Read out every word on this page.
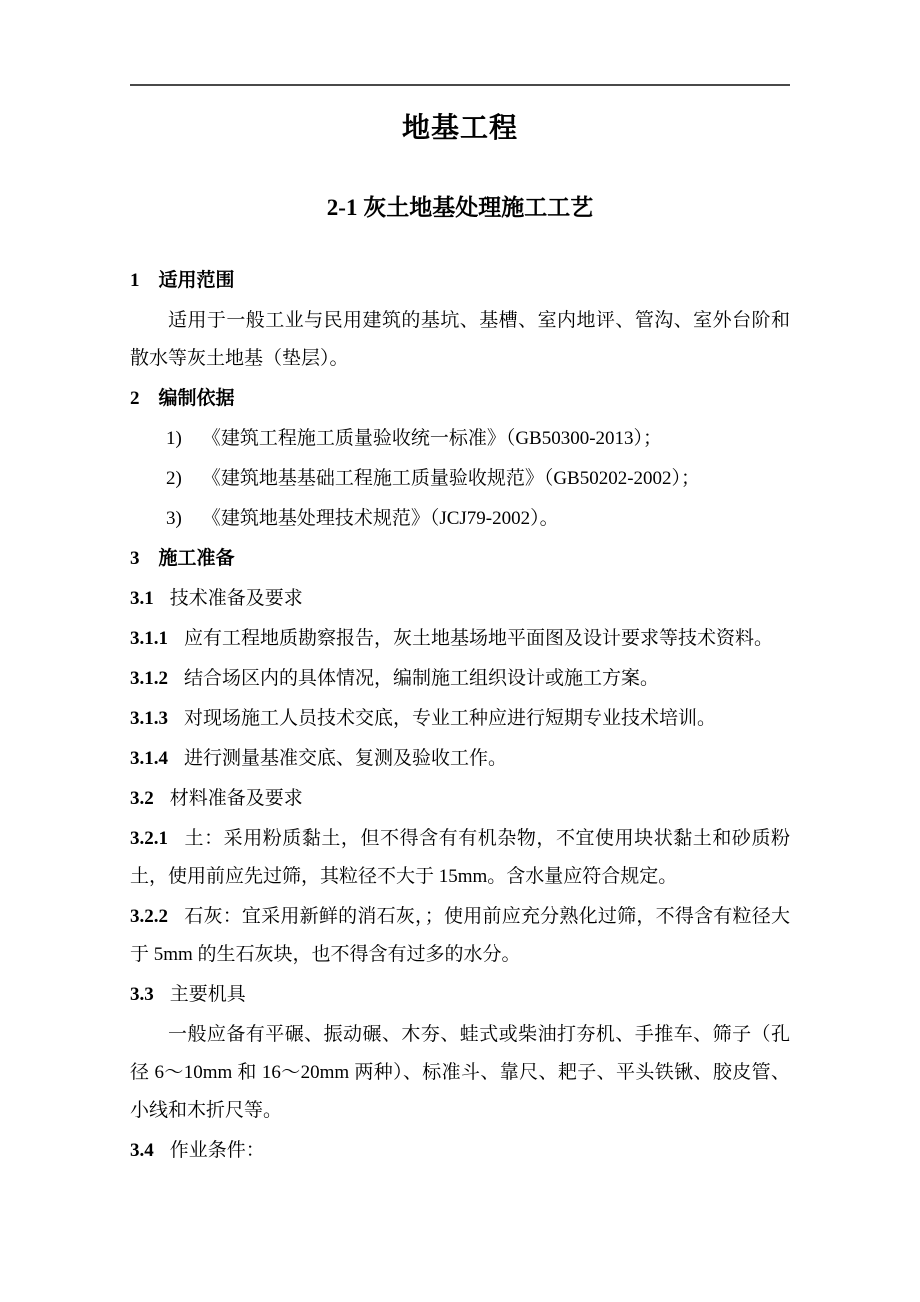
地基工程
2-1 灰土地基处理施工工艺
1　适用范围
适用于一般工业与民用建筑的基坑、基槽、室内地评、管沟、室外台阶和散水等灰土地基（垫层）。
2　编制依据
1) 《建筑工程施工质量验收统一标准》（GB50300-2013）；
2) 《建筑地基基础工程施工质量验收规范》（GB50202-2002）；
3) 《建筑地基处理技术规范》（JCJ79-2002）。
3　施工准备
3.1 技术准备及要求
3.1.1 应有工程地质勘察报告，灰土地基场地平面图及设计要求等技术资料。
3.1.2 结合场区内的具体情况，编制施工组织设计或施工方案。
3.1.3 对现场施工人员技术交底，专业工种应进行短期专业技术培训。
3.1.4 进行测量基准交底、复测及验收工作。
3.2 材料准备及要求
3.2.1 土：采用粉质黏土，但不得含有有机杂物，不宜使用块状黏土和砂质粉土，使用前应先过筛，其粒径不大于 15mm。含水量应符合规定。
3.2.2 石灰：宜采用新鲜的消石灰，；使用前应充分熟化过筛，不得含有粒径大于 5mm 的生石灰块，也不得含有过多的水分。
3.3 主要机具
一般应备有平碾、振动碾、木夯、蛙式或柴油打夯机、手推车、筛子（孔径 6～10mm 和 16～20mm 两种）、标准斗、靠尺、耙子、平头铁锹、胶皮管、小线和木折尺等。
3.4 作业条件：
